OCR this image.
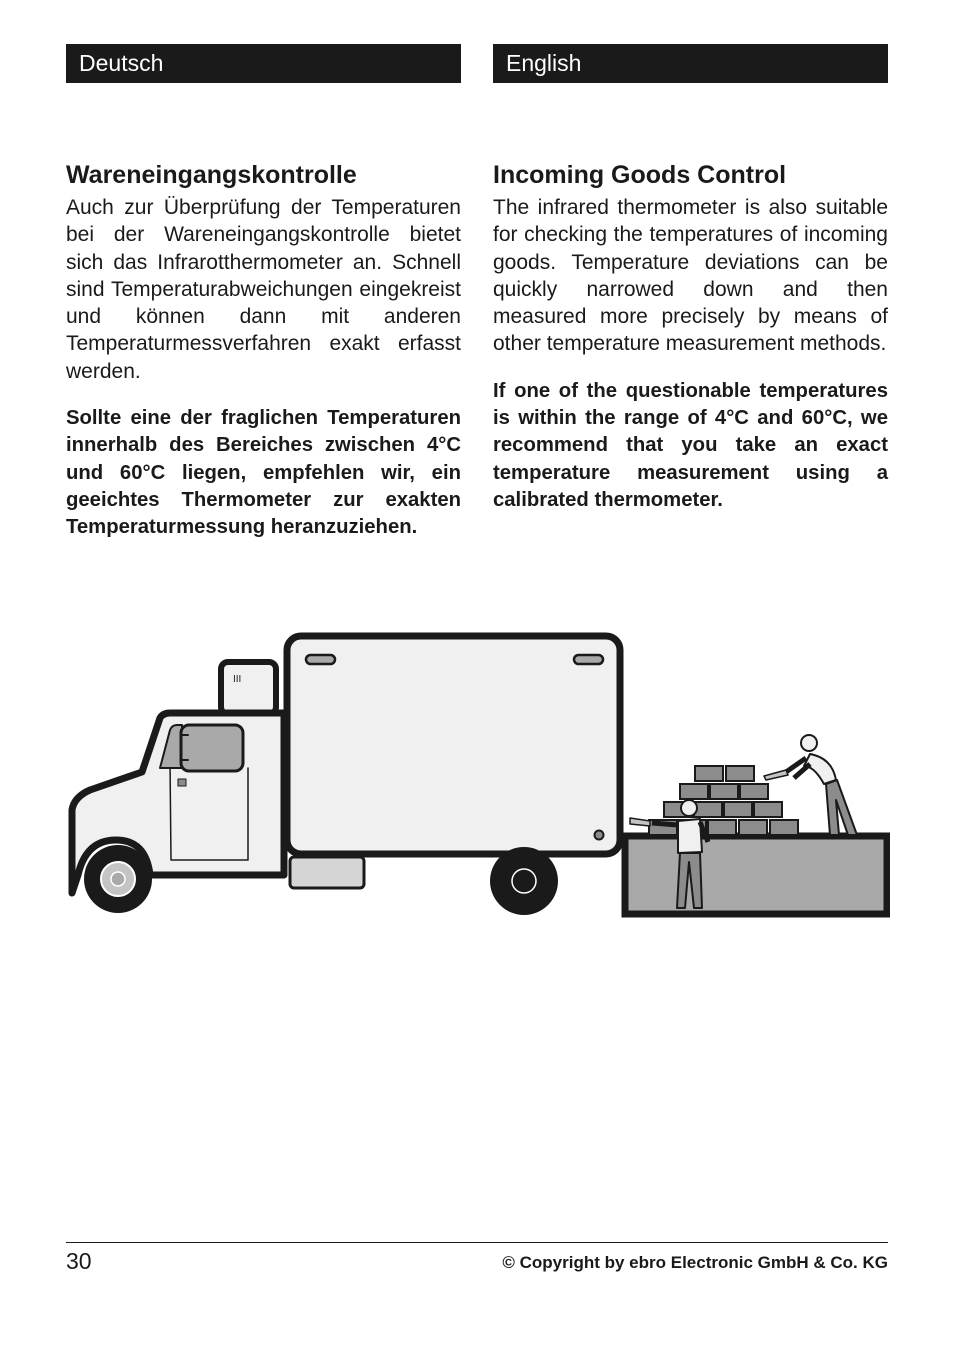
Deutsch
Wareneingangskontrolle

Auch zur Überprüfung der Temperaturen bei der Wareneingangskontrolle bietet sich das Infrarotthermometer an. Schnell sind Temperaturabweichungen eingekreist und können dann mit anderen Temperaturmessverfahren exakt erfasst werden.

Sollte eine der fraglichen Temperaturen innerhalb des Bereiches zwischen 4°C und 60°C liegen, empfehlen wir, ein geeichtes Thermometer zur exakten Temperaturmessung heranzuziehen.

English
Incoming Goods Control

The infrared thermometer is also suitable for checking the temperatures of incoming goods. Temperature deviations can be quickly narrowed down and then measured more precisely by means of other temperature measurement methods.

If one of the questionable temperatures is within the range of 4°C and 60°C, we recommend that you take an exact temperature measurement using a calibrated thermometer.

III
30	© Copyright by ebro Electronic GmbH & Co. KG
